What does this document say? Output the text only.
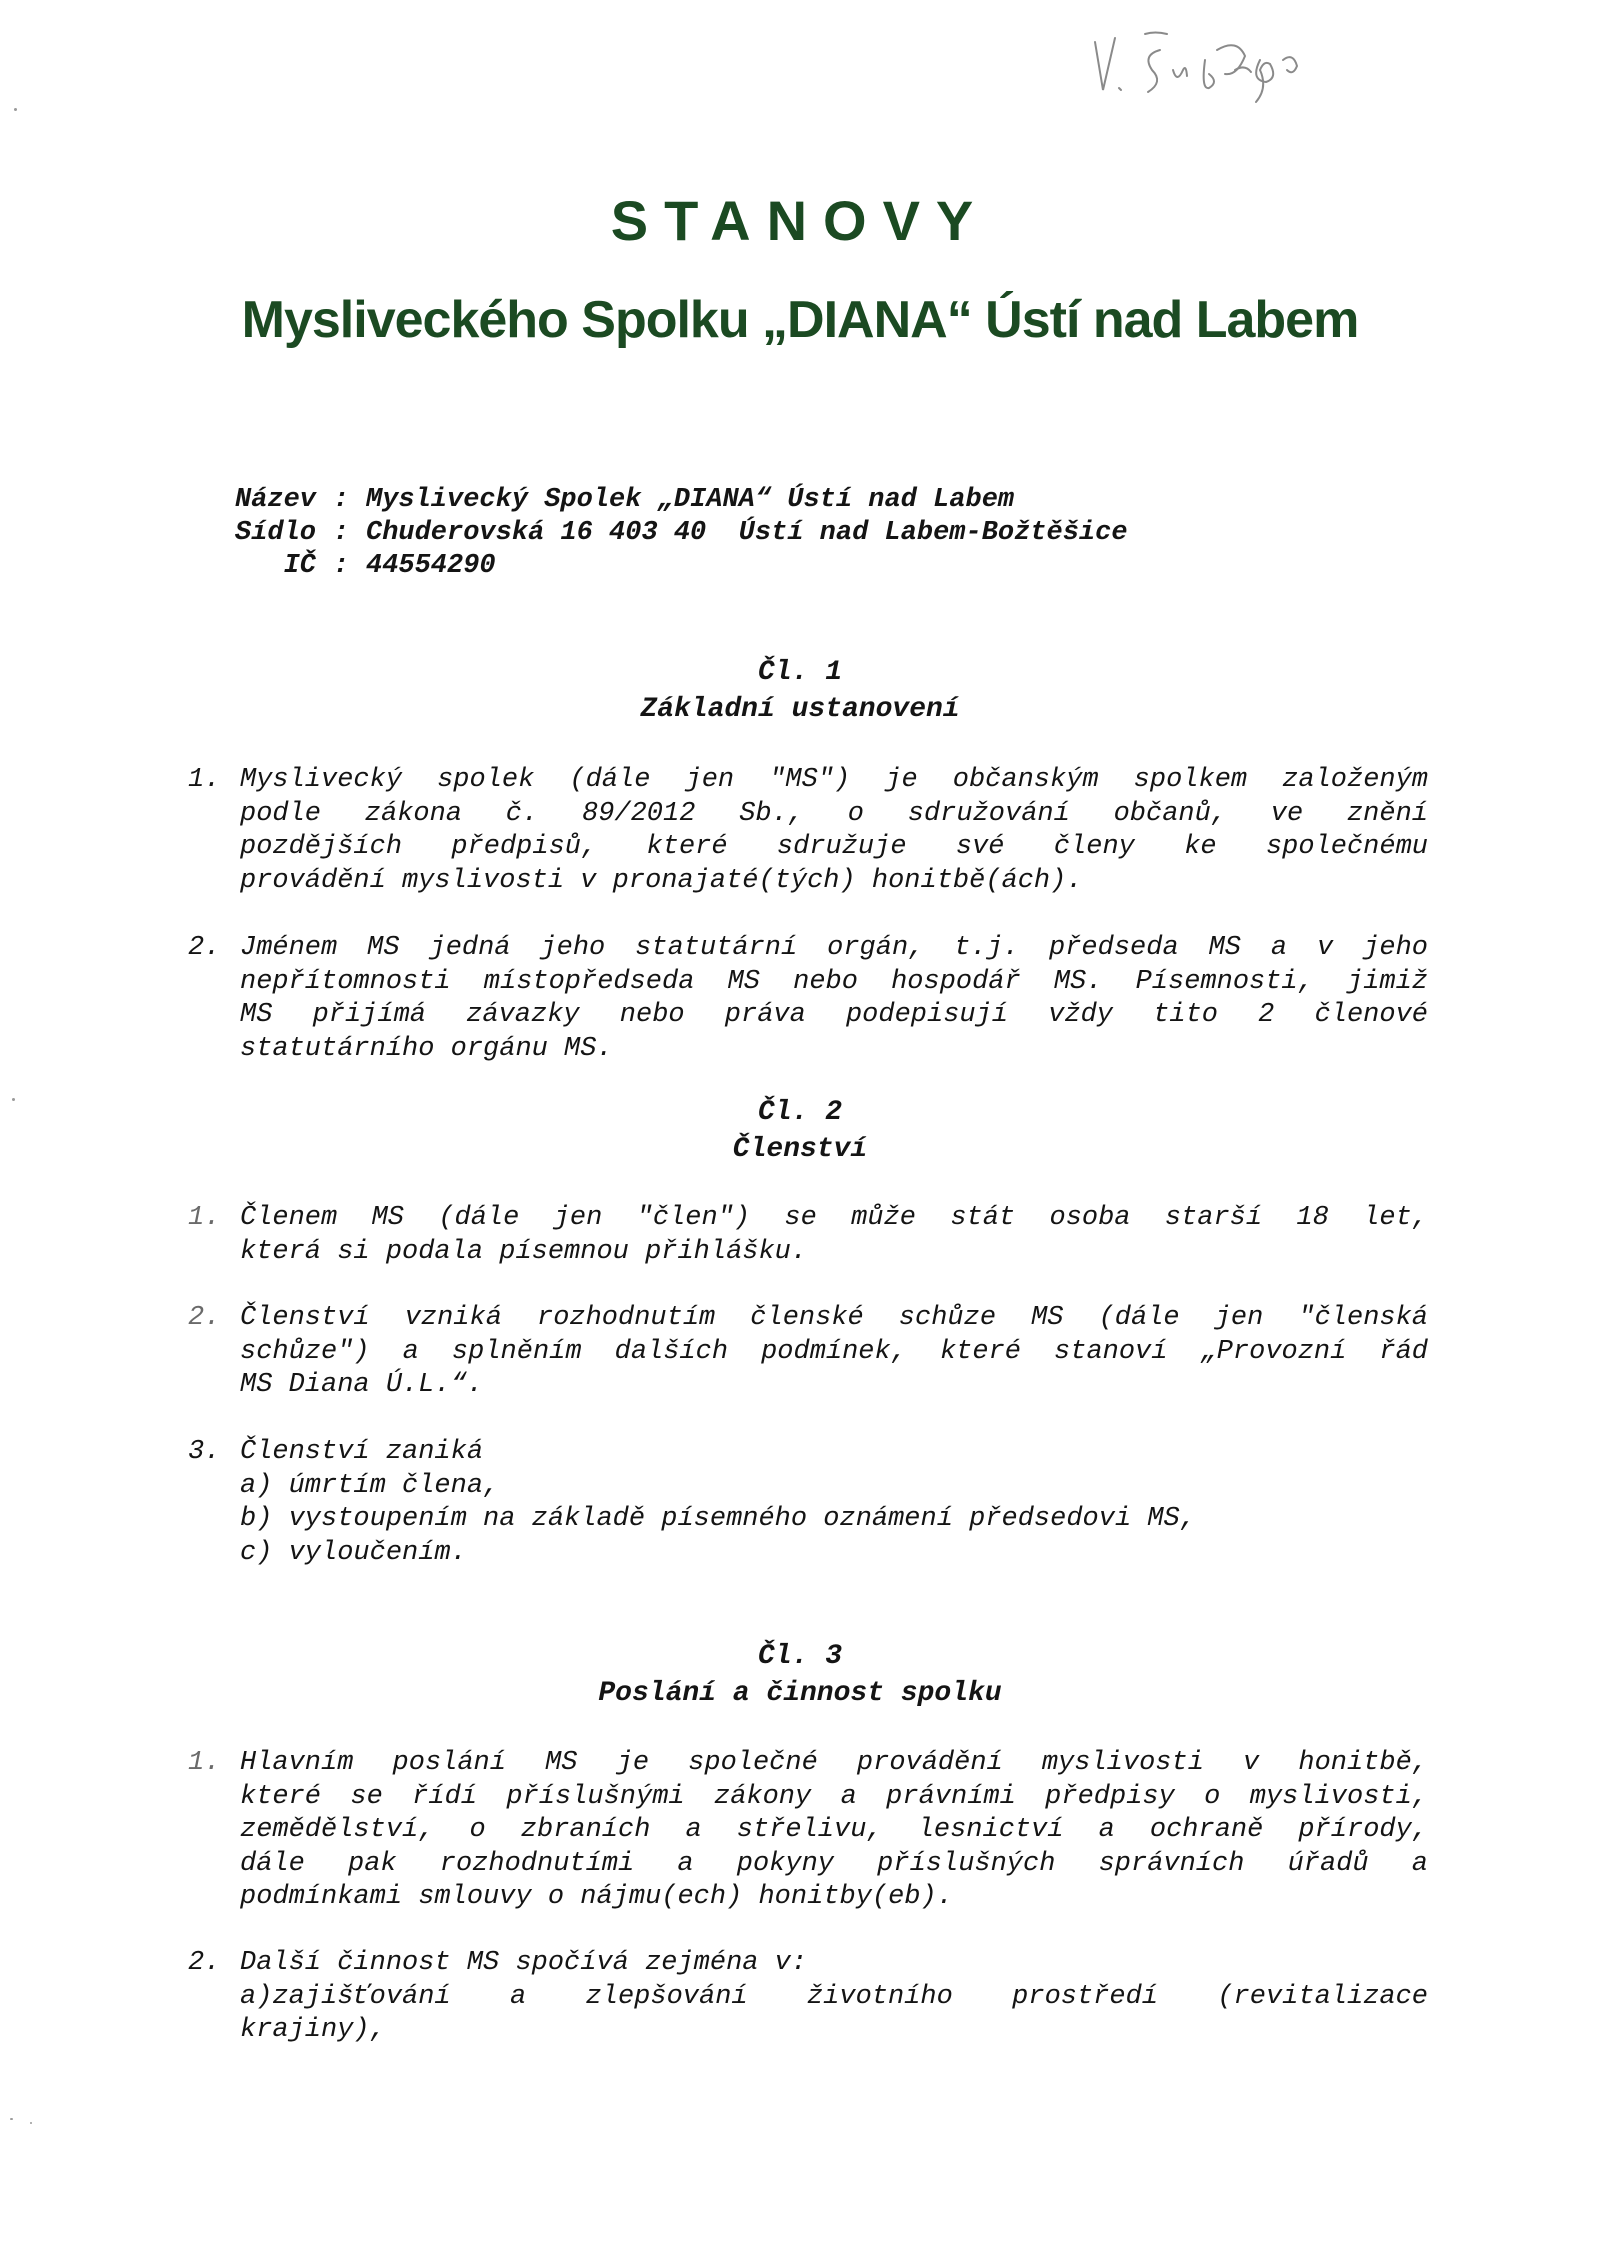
STANOVY
Mysliveckého Spolku „DIANA“ Ústí nad Labem
Název : Myslivecký Spolek „DIANA“ Ústí nad Labem
Sídlo : Chuderovská 16 403 40  Ústí nad Labem-Božtěšice
IČ : 44554290
Čl. 1
Základní ustanovení
1. Myslivecký spolek (dále jen "MS") je občanským spolkem založeným
podle zákona č. 89/2012 Sb., o sdružování občanů, ve znění
pozdějších předpisů, které sdružuje své členy ke společnému
provádění myslivosti v pronajaté(tých) honitbě(ách).
2. Jménem MS jedná jeho statutární orgán, t.j. předseda MS a v jeho
nepřítomnosti místopředseda MS nebo hospodář MS. Písemnosti, jimiž
MS přijímá závazky nebo práva podepisují vždy tito 2 členové
statutárního orgánu MS.
Čl. 2
Členství
1. Členem MS (dále jen "člen") se může stát osoba starší 18 let,
která si podala písemnou přihlášku.
2. Členství vzniká rozhodnutím členské schůze MS (dále jen "členská
schůze") a splněním dalších podmínek, které stanoví „Provozní řád
MS Diana Ú.L.“.
3. Členství zaniká
a) úmrtím člena,
b) vystoupením na základě písemného oznámení předsedovi MS,
c) vyloučením.
Čl. 3
Poslání a činnost spolku
1. Hlavním poslání MS je společné provádění myslivosti v honitbě,
které se řídí příslušnými zákony a právními předpisy o myslivosti,
zemědělství, o zbraních a střelivu, lesnictví a ochraně přírody,
dále pak rozhodnutími a pokyny příslušných správních úřadů a
podmínkami smlouvy o nájmu(ech) honitby(eb).
2. Další činnost MS spočívá zejména v:
a)zajišťování a zlepšování životního prostředí (revitalizace
krajiny),
